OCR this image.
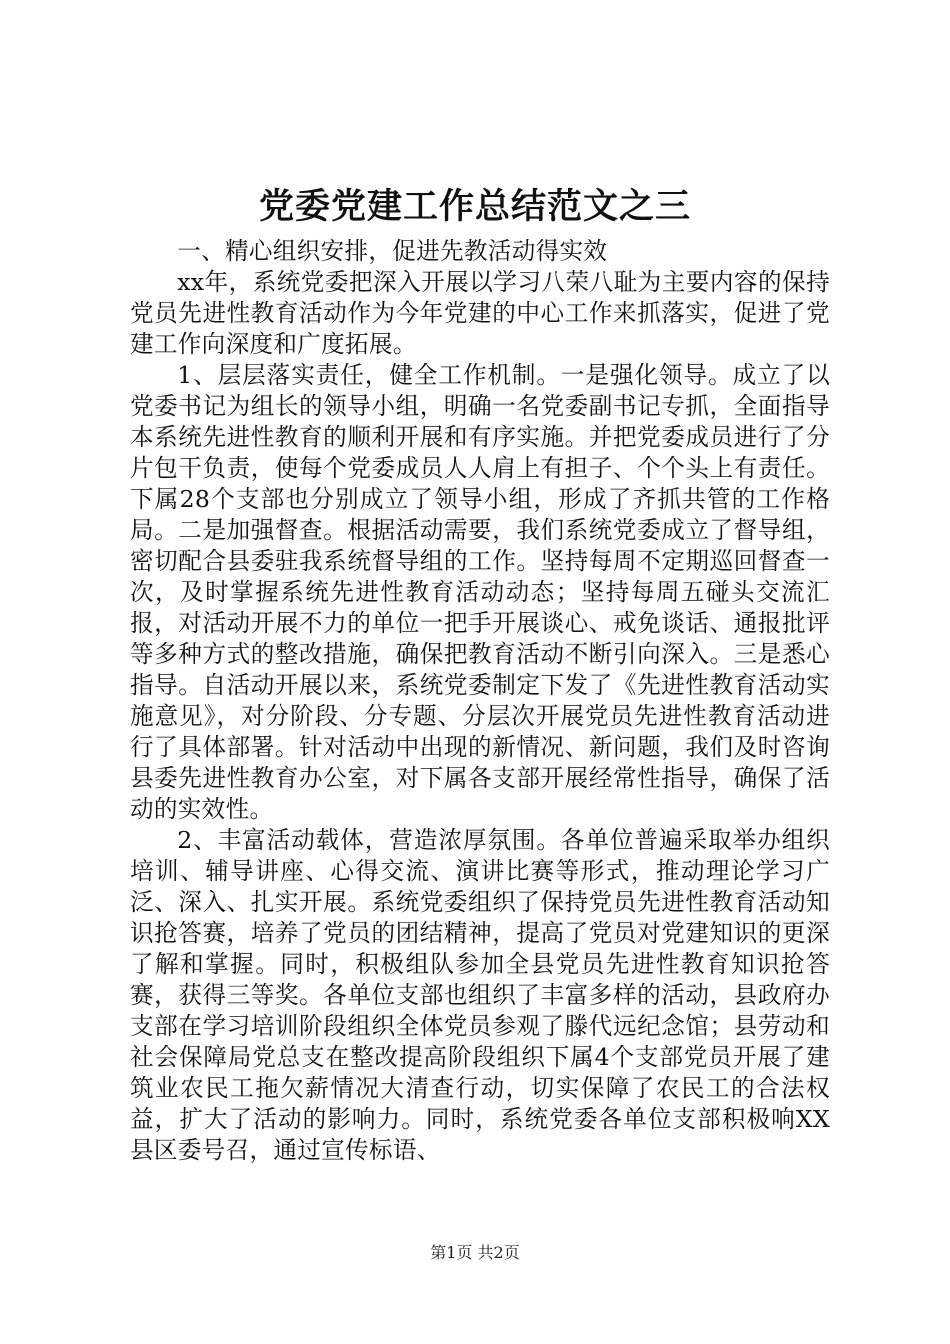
党委党建工作总结范文之三

一、精心组织安排，促进先教活动得实效

xx年，系统党委把深入开展以学习八荣八耻为主要内容的保持党员先进性教育活动作为今年党建的中心工作来抓落实，促进了党建工作向深度和广度拓展。

1、层层落实责任，健全工作机制。一是强化领导。成立了以党委书记为组长的领导小组，明确一名党委副书记专抓，全面指导本系统先进性教育的顺利开展和有序实施。并把党委成员进行了分片包干负责，使每个党委成员人人肩上有担子、个个头上有责任。下属28个支部也分别成立了领导小组，形成了齐抓共管的工作格局。二是加强督查。根据活动需要，我们系统党委成立了督导组，密切配合县委驻我系统督导组的工作。坚持每周不定期巡回督查一次，及时掌握系统先进性教育活动动态；坚持每周五碰头交流汇报，对活动开展不力的单位一把手开展谈心、戒免谈话、通报批评等多种方式的整改措施，确保把教育活动不断引向深入。三是悉心指导。自活动开展以来，系统党委制定下发了《先进性教育活动实施意见》，对分阶段、分专题、分层次开展党员先进性教育活动进行了具体部署。针对活动中出现的新情况、新问题，我们及时咨询县委先进性教育办公室，对下属各支部开展经常性指导，确保了活动的实效性。

2、丰富活动载体，营造浓厚氛围。各单位普遍采取举办组织培训、辅导讲座、心得交流、演讲比赛等形式，推动理论学习广泛、深入、扎实开展。系统党委组织了保持党员先进性教育活动知识抢答赛，培养了党员的团结精神，提高了党员对党建知识的更深了解和掌握。同时，积极组队参加全县党员先进性教育知识抢答赛，获得三等奖。各单位支部也组织了丰富多样的活动，县政府办支部在学习培训阶段组织全体党员参观了滕代远纪念馆；县劳动和社会保障局党总支在整改提高阶段组织下属4个支部党员开展了建筑业农民工拖欠薪情况大清查行动，切实保障了农民工的合法权益，扩大了活动的影响力。同时，系统党委各单位支部积极响XX县区委号召，通过宣传标语、

第1页 共2页
